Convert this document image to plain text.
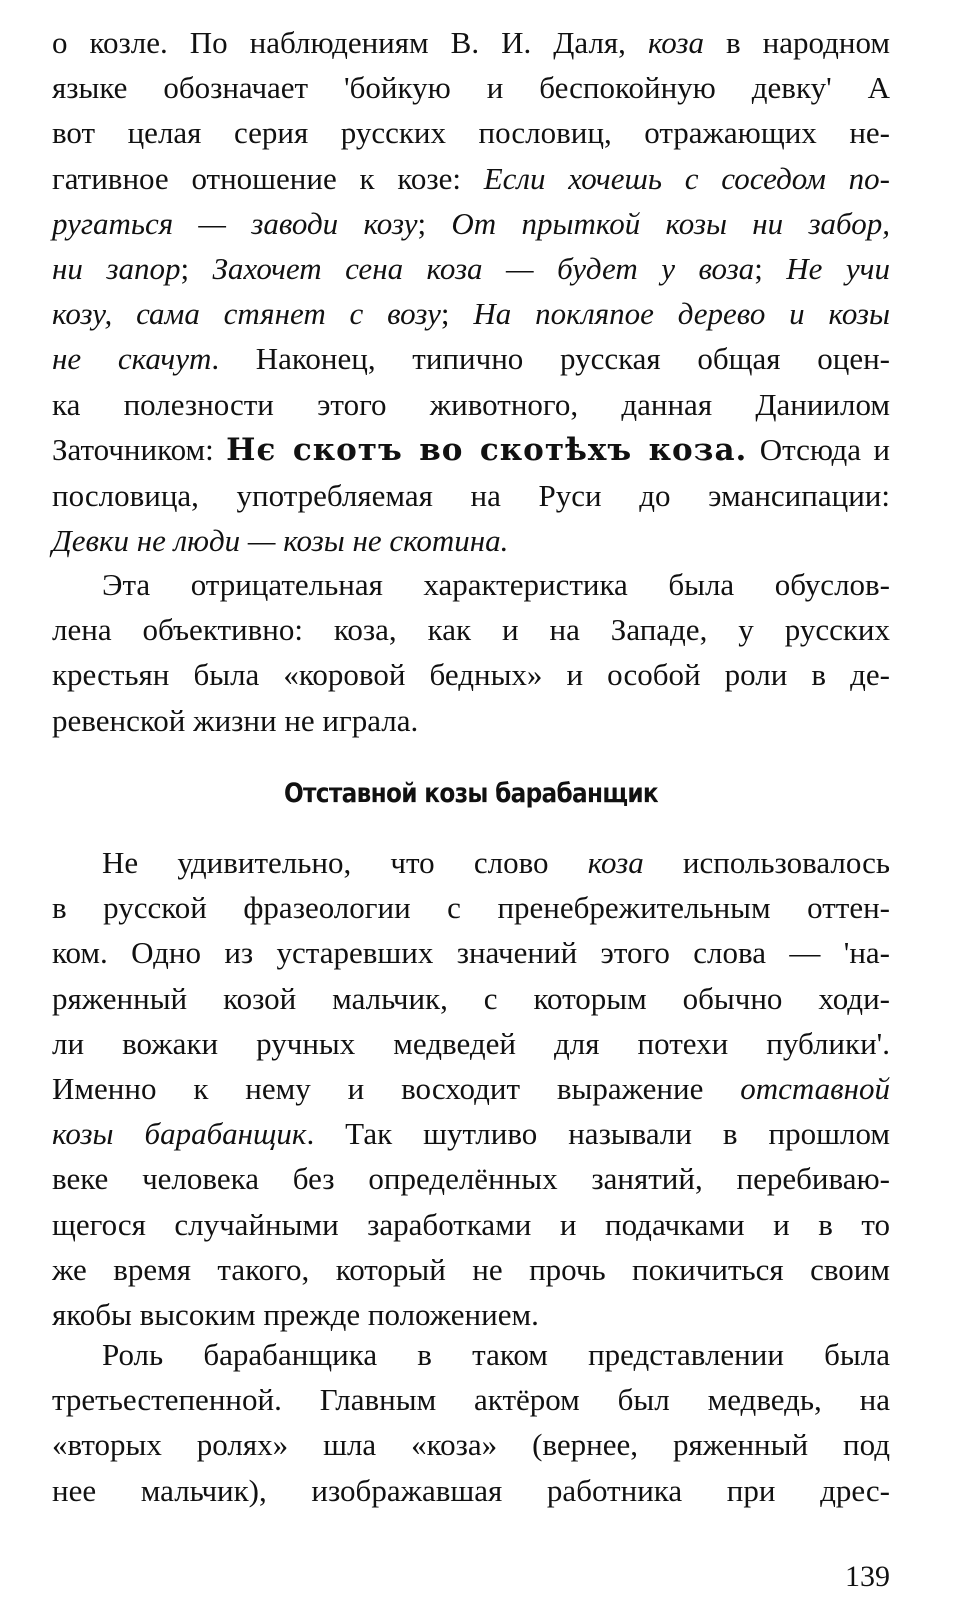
о козле. По наблюдениям В. И. Даля, коза в народном
языке обозначает 'бойкую и беспокойную девку' А
вот целая серия русских пословиц, отражающих не-
гативное отношение к козе: Если хочешь с соседом по-
ругаться — заводи козу; От прыткой козы ни забор,
ни запор; Захочет сена коза — будет у воза; Не учи
козу, сама стянет с возу; На покляпое дерево и козы
не скачут. Наконец, типично русская общая оцен-
ка полезности этого животного, данная Даниилом
Заточником: Нє скотъ во скотѣхъ коза. Отсюда и
пословица, употребляемая на Руси до эмансипации:
Девки не люди — козы не скотина.
Эта отрицательная характеристика была обуслов-
лена объективно: коза, как и на Западе, у русских
крестьян была «коровой бедных» и особой роли в де-
ревенской жизни не играла.
Отставной козы барабанщик
Не удивительно, что слово коза использовалось
в русской фразеологии с пренебрежительным оттен-
ком. Одно из устаревших значений этого слова — 'на-
ряженный козой мальчик, с которым обычно ходи-
ли вожаки ручных медведей для потехи публики'.
Именно к нему и восходит выражение отставной
козы барабанщик. Так шутливо называли в прошлом
веке человека без определённых занятий, перебиваю-
щегося случайными заработками и подачками и в то
же время такого, который не прочь покичиться своим
якобы высоким прежде положением.
Роль барабанщика в таком представлении была
третьестепенной. Главным актёром был медведь, на
«вторых ролях» шла «коза» (вернее, ряженный под
нее мальчик), изображавшая работника при дрес-
139
